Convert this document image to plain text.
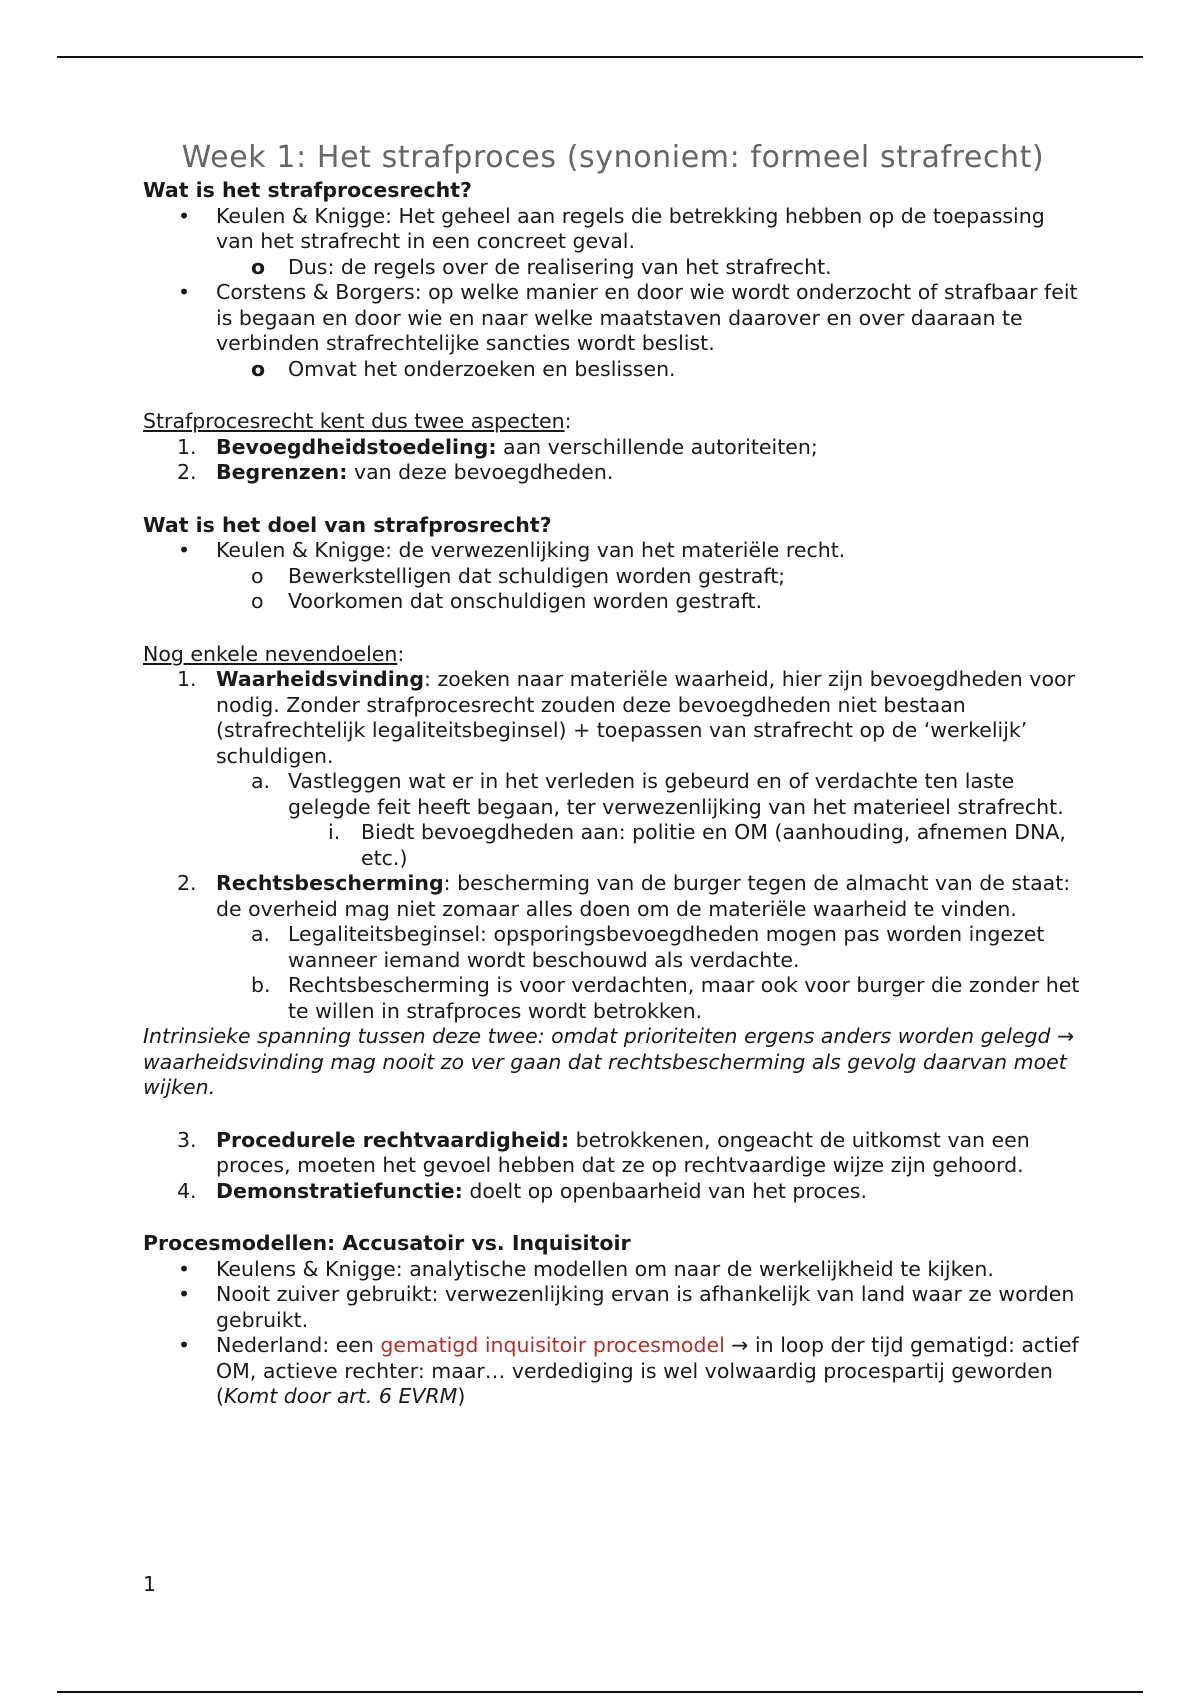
Week 1: Het strafproces (synoniem: formeel strafrecht)

Wat is het strafprocesrecht?

• Keulen & Knigge: Het geheel aan regels die betrekking hebben op de toepassing van het strafrecht in een concreet geval.
o Dus: de regels over de realisering van het strafrecht.
• Corstens & Borgers: op welke manier en door wie wordt onderzocht of strafbaar feit is begaan en door wie en naar welke maatstaven daarover en over daaraan te verbinden strafrechtelijke sancties wordt beslist.
o Omvat het onderzoeken en beslissen.

Strafprocesrecht kent dus twee aspecten:

1. Bevoegdheidstoedeling: aan verschillende autoriteiten;
2. Begrenzen: van deze bevoegdheden.

Wat is het doel van strafprosrecht?

• Keulen & Knigge: de verwezenlijking van het materiële recht.
o Bewerkstelligen dat schuldigen worden gestraft;
o Voorkomen dat onschuldigen worden gestraft.

Nog enkele nevendoelen:

1. Waarheidsvinding: zoeken naar materiële waarheid, hier zijn bevoegdheden voor nodig. Zonder strafprocesrecht zouden deze bevoegdheden niet bestaan (strafrechtelijk legaliteitsbeginsel) + toepassen van strafrecht op de ‘werkelijk’ schuldigen.
a. Vastleggen wat er in het verleden is gebeurd en of verdachte ten laste gelegde feit heeft begaan, ter verwezenlijking van het materieel strafrecht.
i. Biedt bevoegdheden aan: politie en OM (aanhouding, afnemen DNA, etc.)
2. Rechtsbescherming: bescherming van de burger tegen de almacht van de staat: de overheid mag niet zomaar alles doen om de materiële waarheid te vinden.
a. Legaliteitsbeginsel: opsporingsbevoegdheden mogen pas worden ingezet wanneer iemand wordt beschouwd als verdachte.
b. Rechtsbescherming is voor verdachten, maar ook voor burger die zonder het te willen in strafproces wordt betrokken.

Intrinsieke spanning tussen deze twee: omdat prioriteiten ergens anders worden gelegd → waarheidsvinding mag nooit zo ver gaan dat rechtsbescherming als gevolg daarvan moet wijken.

3. Procedurele rechtvaardigheid: betrokkenen, ongeacht de uitkomst van een proces, moeten het gevoel hebben dat ze op rechtvaardige wijze zijn gehoord.
4. Demonstratiefunctie: doelt op openbaarheid van het proces.

Procesmodellen: Accusatoir vs. Inquisitoir

• Keulens & Knigge: analytische modellen om naar de werkelijkheid te kijken.
• Nooit zuiver gebruikt: verwezenlijking ervan is afhankelijk van land waar ze worden gebruikt.
• Nederland: een gematigd inquisitoir procesmodel → in loop der tijd gematigd: actief OM, actieve rechter: maar… verdediging is wel volwaardig procespartij geworden (Komt door art. 6 EVRM)
1
